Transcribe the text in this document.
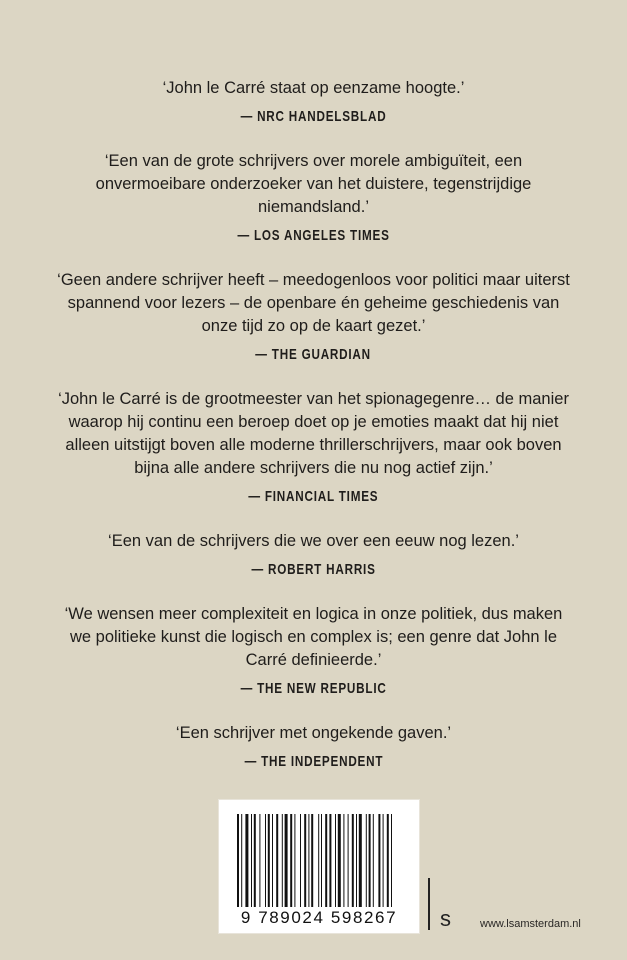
‘John le Carré staat op eenzame hoogte.’

— NRC HANDELSBLAD

‘Een van de grote schrijvers over morele ambiguïteit, een
onvermoeibare onderzoeker van het duistere, tegenstrijdige
niemandsland.’

— LOS ANGELES TIMES

‘Geen andere schrijver heeft – meedogenloos voor politici maar uiterst
spannend voor lezers – de openbare én geheime geschiedenis van
onze tijd zo op de kaart gezet.’

— THE GUARDIAN

‘John le Carré is de grootmeester van het spionagegenre… de manier
waarop hij continu een beroep doet op je emoties maakt dat hij niet
alleen uitstijgt boven alle moderne thrillerschrijvers, maar ook boven
bijna alle andere schrijvers die nu nog actief zijn.’

— FINANCIAL TIMES

‘Een van de schrijvers die we over een eeuw nog lezen.’

— ROBERT HARRIS

‘We wensen meer complexiteit en logica in onze politiek, dus maken
we politieke kunst die logisch en complex is; een genre dat John le
Carré definieerde.’

— THE NEW REPUBLIC

‘Een schrijver met ongekende gaven.’

— THE INDEPENDENT
9 789024 598267	s	www.lsamsterdam.nl
